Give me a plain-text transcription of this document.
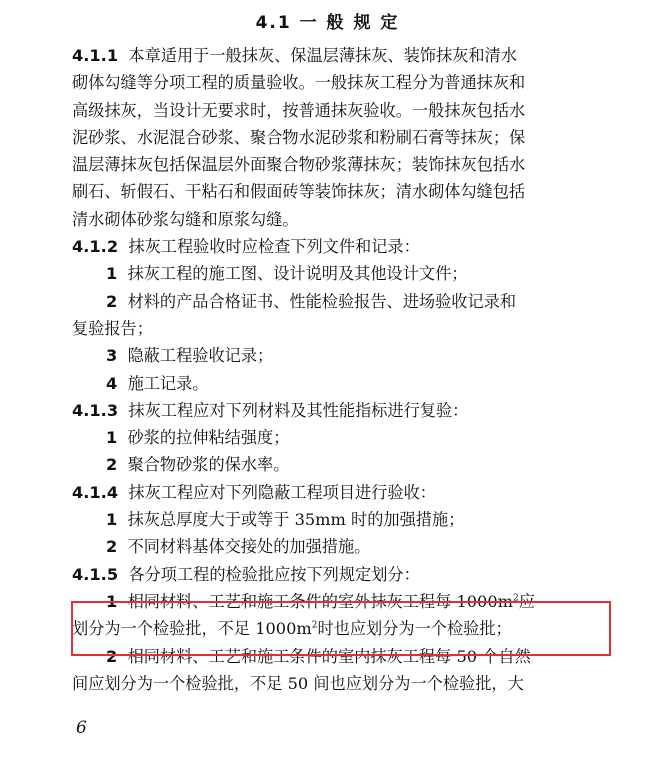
4.1 一 般 规 定
4.1.1 本章适用于一般抹灰、保温层薄抹灰、装饰抹灰和清水
砌体勾缝等分项工程的质量验收。一般抹灰工程分为普通抹灰和
高级抹灰，当设计无要求时，按普通抹灰验收。一般抹灰包括水
泥砂浆、水泥混合砂浆、聚合物水泥砂浆和粉刷石膏等抹灰；保
温层薄抹灰包括保温层外面聚合物砂浆薄抹灰；装饰抹灰包括水
刷石、斩假石、干粘石和假面砖等装饰抹灰；清水砌体勾缝包括
清水砌体砂浆勾缝和原浆勾缝。
4.1.2 抹灰工程验收时应检查下列文件和记录：
1 抹灰工程的施工图、设计说明及其他设计文件；
2 材料的产品合格证书、性能检验报告、进场验收记录和
复验报告；
3 隐蔽工程验收记录；
4 施工记录。
4.1.3 抹灰工程应对下列材料及其性能指标进行复验：
1 砂浆的拉伸粘结强度；
2 聚合物砂浆的保水率。
4.1.4 抹灰工程应对下列隐蔽工程项目进行验收：
1 抹灰总厚度大于或等于 35mm 时的加强措施；
2 不同材料基体交接处的加强措施。
4.1.5 各分项工程的检验批应按下列规定划分：
1 相同材料、工艺和施工条件的室外抹灰工程每 $1000m^2$应
划分为一个检验批，不足 $1000m^2$时也应划分为一个检验批；
2 相同材料、工艺和施工条件的室内抹灰工程每 50 个自然
间应划分为一个检验批，不足 50 间也应划分为一个检验批，大
6
